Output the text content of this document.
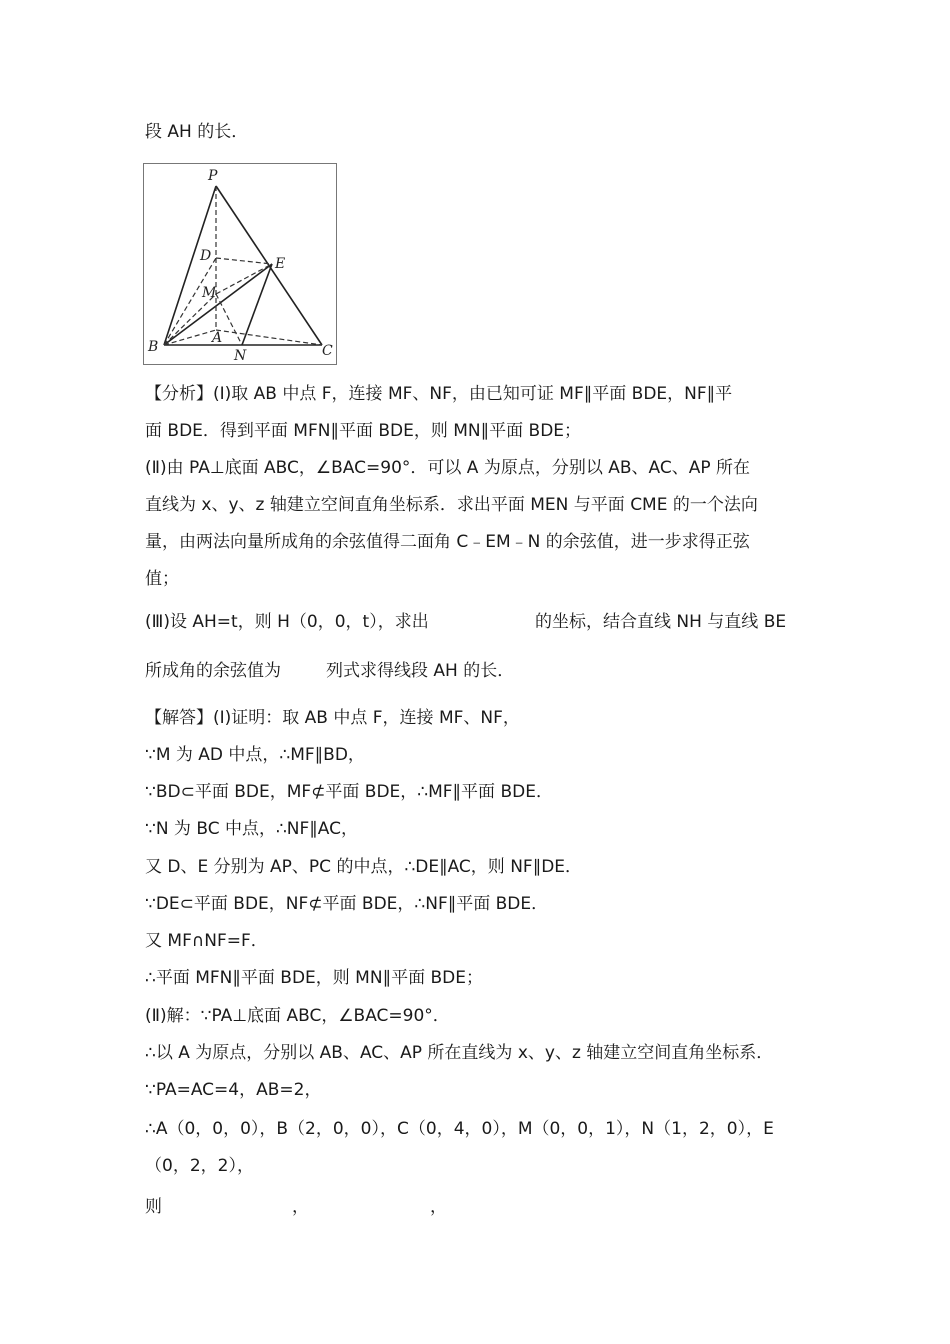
段 AH 的长．
P
D	E
M
A
B
N	C
【分析】(Ⅰ)取 AB 中点 F，连接 MF、NF，由已知可证 MF∥平面 BDE，NF∥平
面 BDE．得到平面 MFN∥平面 BDE，则 MN∥平面 BDE；
(Ⅱ)由 PA⊥底面 ABC，∠BAC=90°．可以 A 为原点，分别以 AB、AC、AP 所在
直线为 x、y、z 轴建立空间直角坐标系．求出平面 MEN 与平面 CME 的一个法向
量，由两法向量所成角的余弦值得二面角 C﹣EM﹣N 的余弦值，进一步求得正弦
值；
(Ⅲ)设 AH=t，则 H（0，0，t），求出	的坐标，结合直线 NH 与直线 BE
所成角的余弦值为	列式求得线段 AH 的长．
【解答】(Ⅰ)证明：取 AB 中点 F，连接 MF、NF，
∵M 为 AD 中点，∴MF∥BD，
∵BD⊂平面 BDE，MF⊄平面 BDE，∴MF∥平面 BDE．
∵N 为 BC 中点，∴NF∥AC，
又 D、E 分别为 AP、PC 的中点，∴DE∥AC，则 NF∥DE．
∵DE⊂平面 BDE，NF⊄平面 BDE，∴NF∥平面 BDE．
又 MF∩NF=F．
∴平面 MFN∥平面 BDE，则 MN∥平面 BDE；
(Ⅱ)解：∵PA⊥底面 ABC，∠BAC=90°．
∴以 A 为原点，分别以 AB、AC、AP 所在直线为 x、y、z 轴建立空间直角坐标系．
∵PA=AC=4，AB=2，
∴A（0，0，0），B（2，0，0），C（0，4，0），M（0，0，1），N（1，2，0），E
（0，2，2），
则	，	，
